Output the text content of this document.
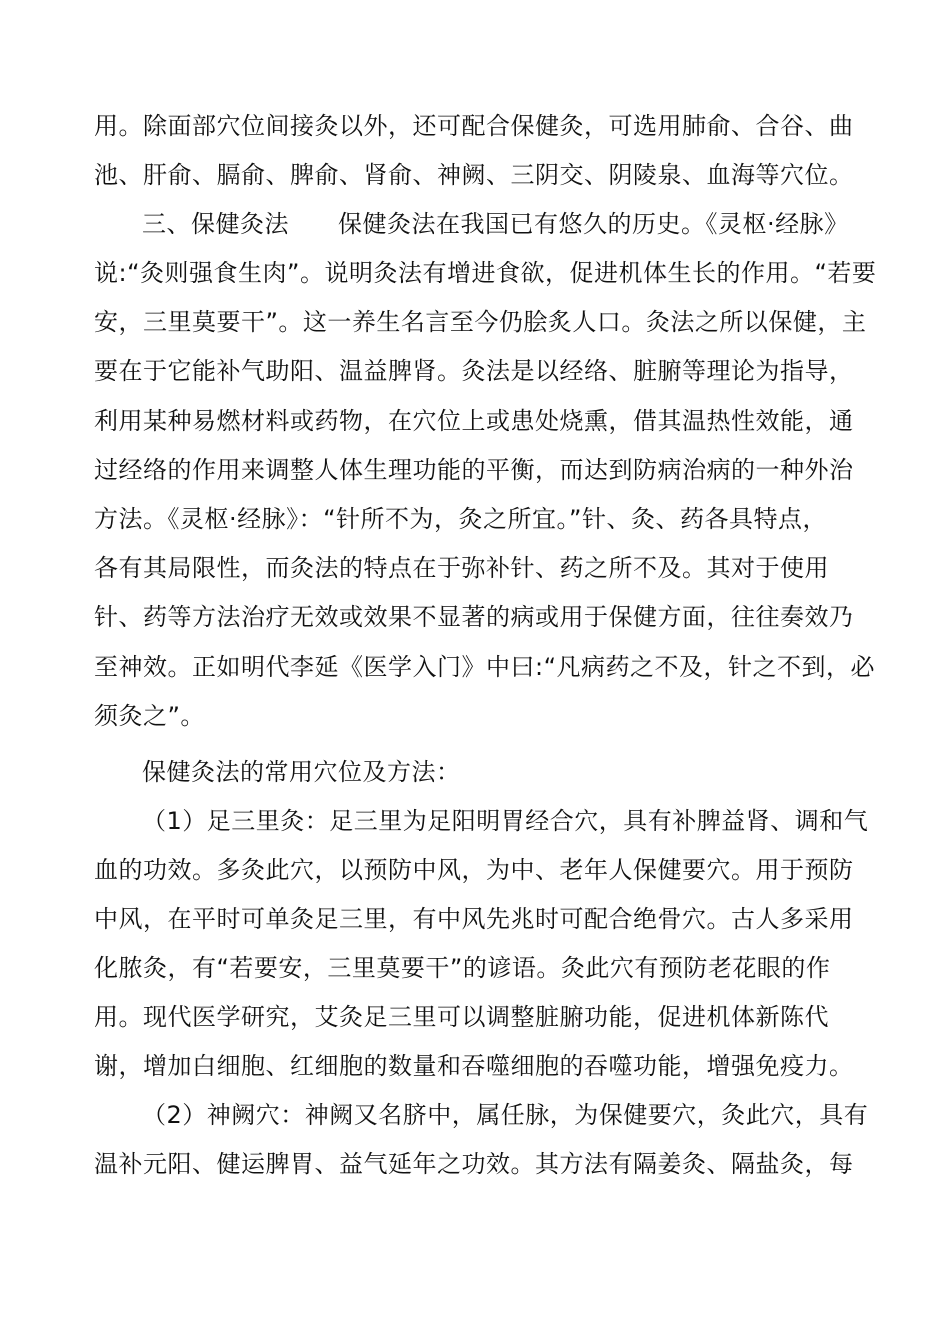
用。除面部穴位间接灸以外，还可配合保健灸，可选用肺俞、合谷、曲
池、肝俞、膈俞、脾俞、肾俞、神阙、三阴交、阴陵泉、血海等穴位。
三、保健灸法　　保健灸法在我国已有悠久的历史。《灵枢·经脉》
说:“灸则强食生肉”。说明灸法有增进食欲，促进机体生长的作用。“若要
安，三里莫要干”。这一养生名言至今仍脍炙人口。灸法之所以保健，主
要在于它能补气助阳、温益脾肾。灸法是以经络、脏腑等理论为指导，
利用某种易燃材料或药物，在穴位上或患处烧熏，借其温热性效能，通
过经络的作用来调整人体生理功能的平衡，而达到防病治病的一种外治
方法。《灵枢·经脉》：“针所不为，灸之所宜。”针、灸、药各具特点，
各有其局限性，而灸法的特点在于弥补针、药之所不及。其对于使用
针、药等方法治疗无效或效果不显著的病或用于保健方面，往往奏效乃
至神效。正如明代李延《医学入门》中曰:“凡病药之不及，针之不到，必
须灸之”。
保健灸法的常用穴位及方法：
（1）足三里灸：足三里为足阳明胃经合穴，具有补脾益肾、调和气
血的功效。多灸此穴，以预防中风，为中、老年人保健要穴。用于预防
中风，在平时可单灸足三里，有中风先兆时可配合绝骨穴。古人多采用
化脓灸，有“若要安，三里莫要干”的谚语。灸此穴有预防老花眼的作
用。现代医学研究，艾灸足三里可以调整脏腑功能，促进机体新陈代
谢，增加白细胞、红细胞的数量和吞噬细胞的吞噬功能，增强免疫力。
（2）神阙穴：神阙又名脐中，属任脉，为保健要穴，灸此穴，具有
温补元阳、健运脾胃、益气延年之功效。其方法有隔姜灸、隔盐灸，每
